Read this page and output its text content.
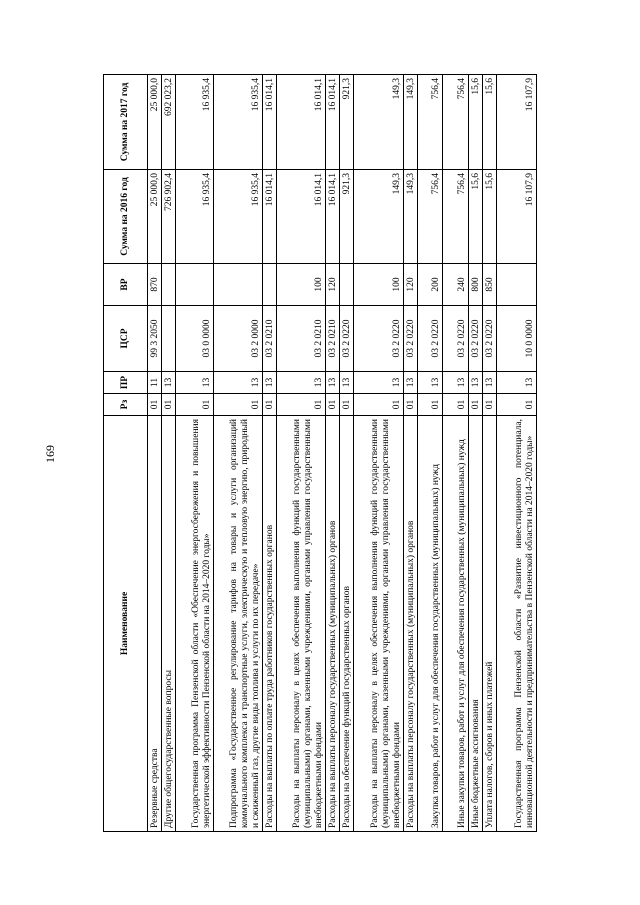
169
Наименование	Рз	ПР	ЦСР	ВР	Сумма на 2016 год	Сумма на 2017 год
Резервные средства	01	11	99 3 2050	870	25 000,0	25 000,0
Другие общегосударственные вопросы	01	13			726 902,4	692 023,2
Государственная программа Пензенской области «Обеспечение энергосбережения и повышения энергетической эффективности Пензенской области на 2014–2020 годы»	01	13	03 0 0000		16 935,4	16 935,4
Подпрограмма «Государственное регулирование тарифов на товары и услуги организаций коммунального комплекса и транспортные услуги, электрическую и тепловую энергию, природный и сжиженный газ, другие виды топлива и услуги по их передаче»	01	13	03 2 0000		16 935,4	16 935,4
Расходы на выплаты по оплате труда работников государственных органов	01	13	03 2 0210		16 014,1	16 014,1
Расходы на выплаты персоналу в целях обеспечения выполнения функций государственными (муниципальными) органами, казенными учреждениями, органами управления государственными внебюджетными фондами	01	13	03 2 0210	100	16 014,1	16 014,1
Расходы на выплаты персоналу государственных (муниципальных) органов	01	13	03 2 0210	120	16 014,1	16 014,1
Расходы на обеспечение функций государственных органов	01	13	03 2 0220		921,3	921,3
Расходы на выплаты персоналу в целях обеспечения выполнения функций государственными (муниципальными) органами, казенными учреждениями, органами управления государственными внебюджетными фондами	01	13	03 2 0220	100	149,3	149,3
Расходы на выплаты персоналу государственных (муниципальных) органов	01	13	03 2 0220	120	149,3	149,3
Закупка товаров, работ и услуг для обеспечения государственных (муниципальных) нужд	01	13	03 2 0220	200	756,4	756,4
Иные закупки товаров, работ и услуг для обеспечения государственных (муниципальных) нужд	01	13	03 2 0220	240	756,4	756,4
Иные бюджетные ассигнования	01	13	03 2 0220	800	15,6	15,6
Уплата налогов, сборов и иных платежей	01	13	03 2 0220	850	15,6	15,6
Государственная программа Пензенской области «Развитие инвестиционного потенциала, инновационной деятельности и предпринимательства в Пензенской области на 2014–2020 годы»	01	13	10 0 0000		16 107,9	16 107,9
